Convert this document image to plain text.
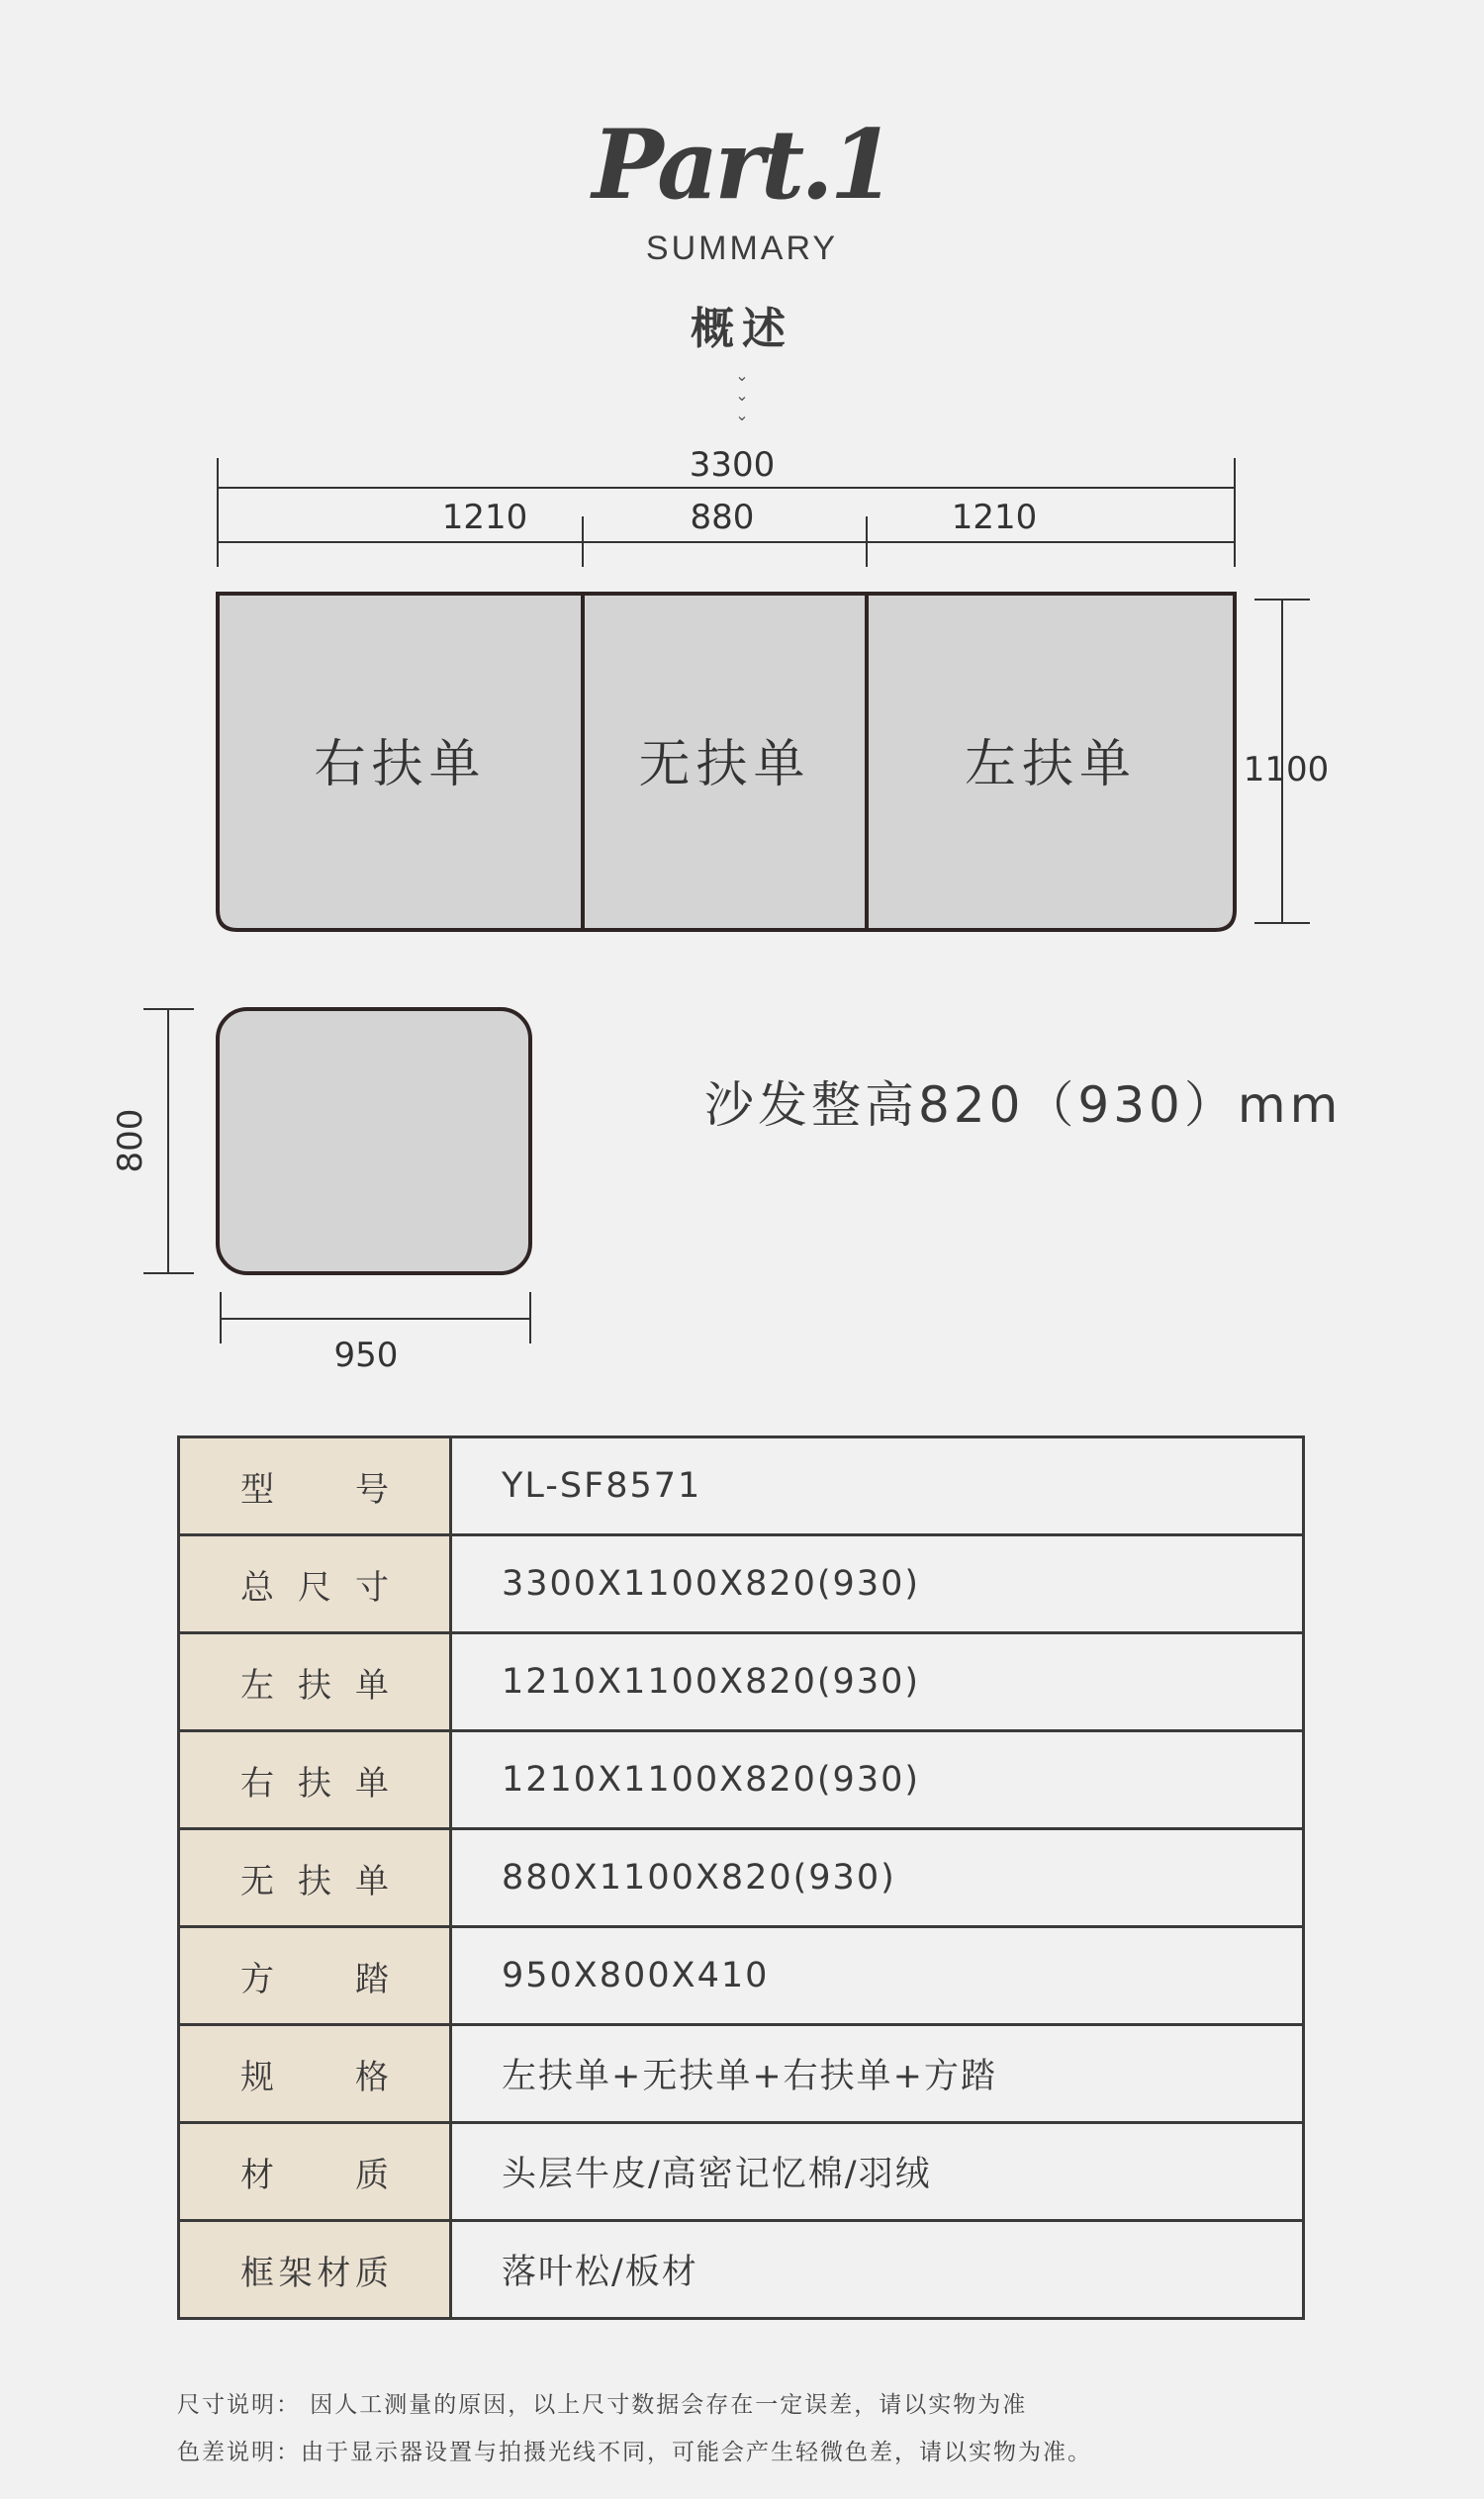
Part.1
SUMMARY
概述
⌄
⌄
⌄
3300
1210	880	1210
1100
右扶单	无扶单	左扶单
800
950
沙发整高820（930）mm
型　号	YL-SF8571
总尺寸	3300X1100X820(930)
左扶单	1210X1100X820(930)
右扶单	1210X1100X820(930)
无扶单	880X1100X820(930)
方　踏	950X800X410
规　格	左扶单+无扶单+右扶单+方踏
材　质	头层牛皮/高密记忆棉/羽绒
框架材质	落叶松/板材
尺寸说明： 因人工测量的原因，以上尺寸数据会存在一定误差，请以实物为准
色差说明：由于显示器设置与拍摄光线不同，可能会产生轻微色差，请以实物为准。
